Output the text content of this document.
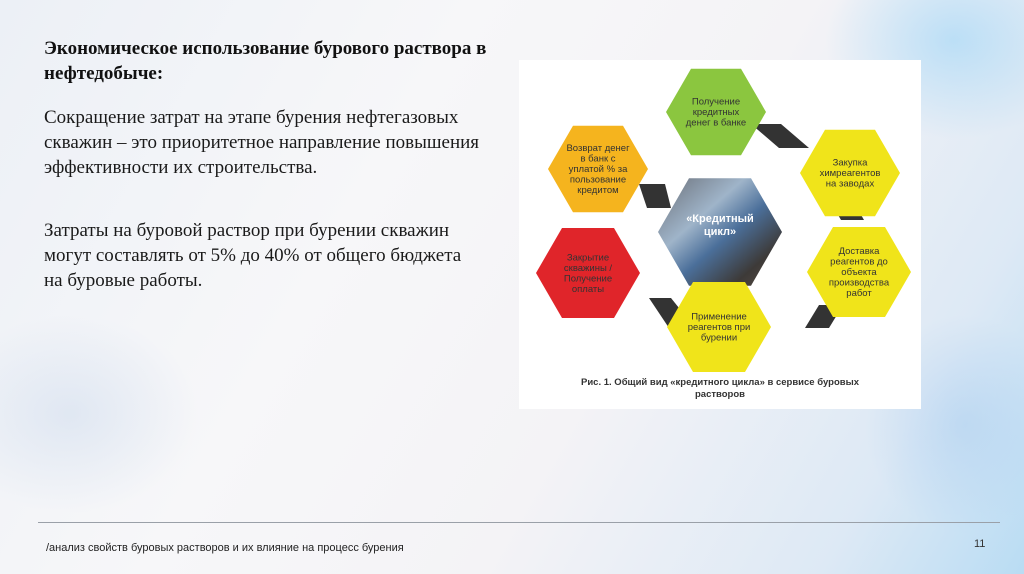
Экономическое использование бурового раствора в нефтедобыче:
Сокращение затрат на этапе бурения нефтегазовых скважин – это приоритетное направление повышения эффективности их строительства.
Затраты на буровой раствор при бурении скважин могут составлять от 5% до 40% от общего бюджета на буровые работы.
«Кредитный цикл»
Получение кредитных денег в банке
Закупка химреагентов на заводах
Доставка реагентов до объекта производства работ
Применение реагентов при бурении
Закрытие скважины / Получение оплаты
Возврат денег в банк с уплатой % за пользование кредитом
Рис. 1. Общий вид «кредитного цикла» в сервисе буровых
растворов
/анализ свойств буровых растворов и их влияние на процесс бурения	11
